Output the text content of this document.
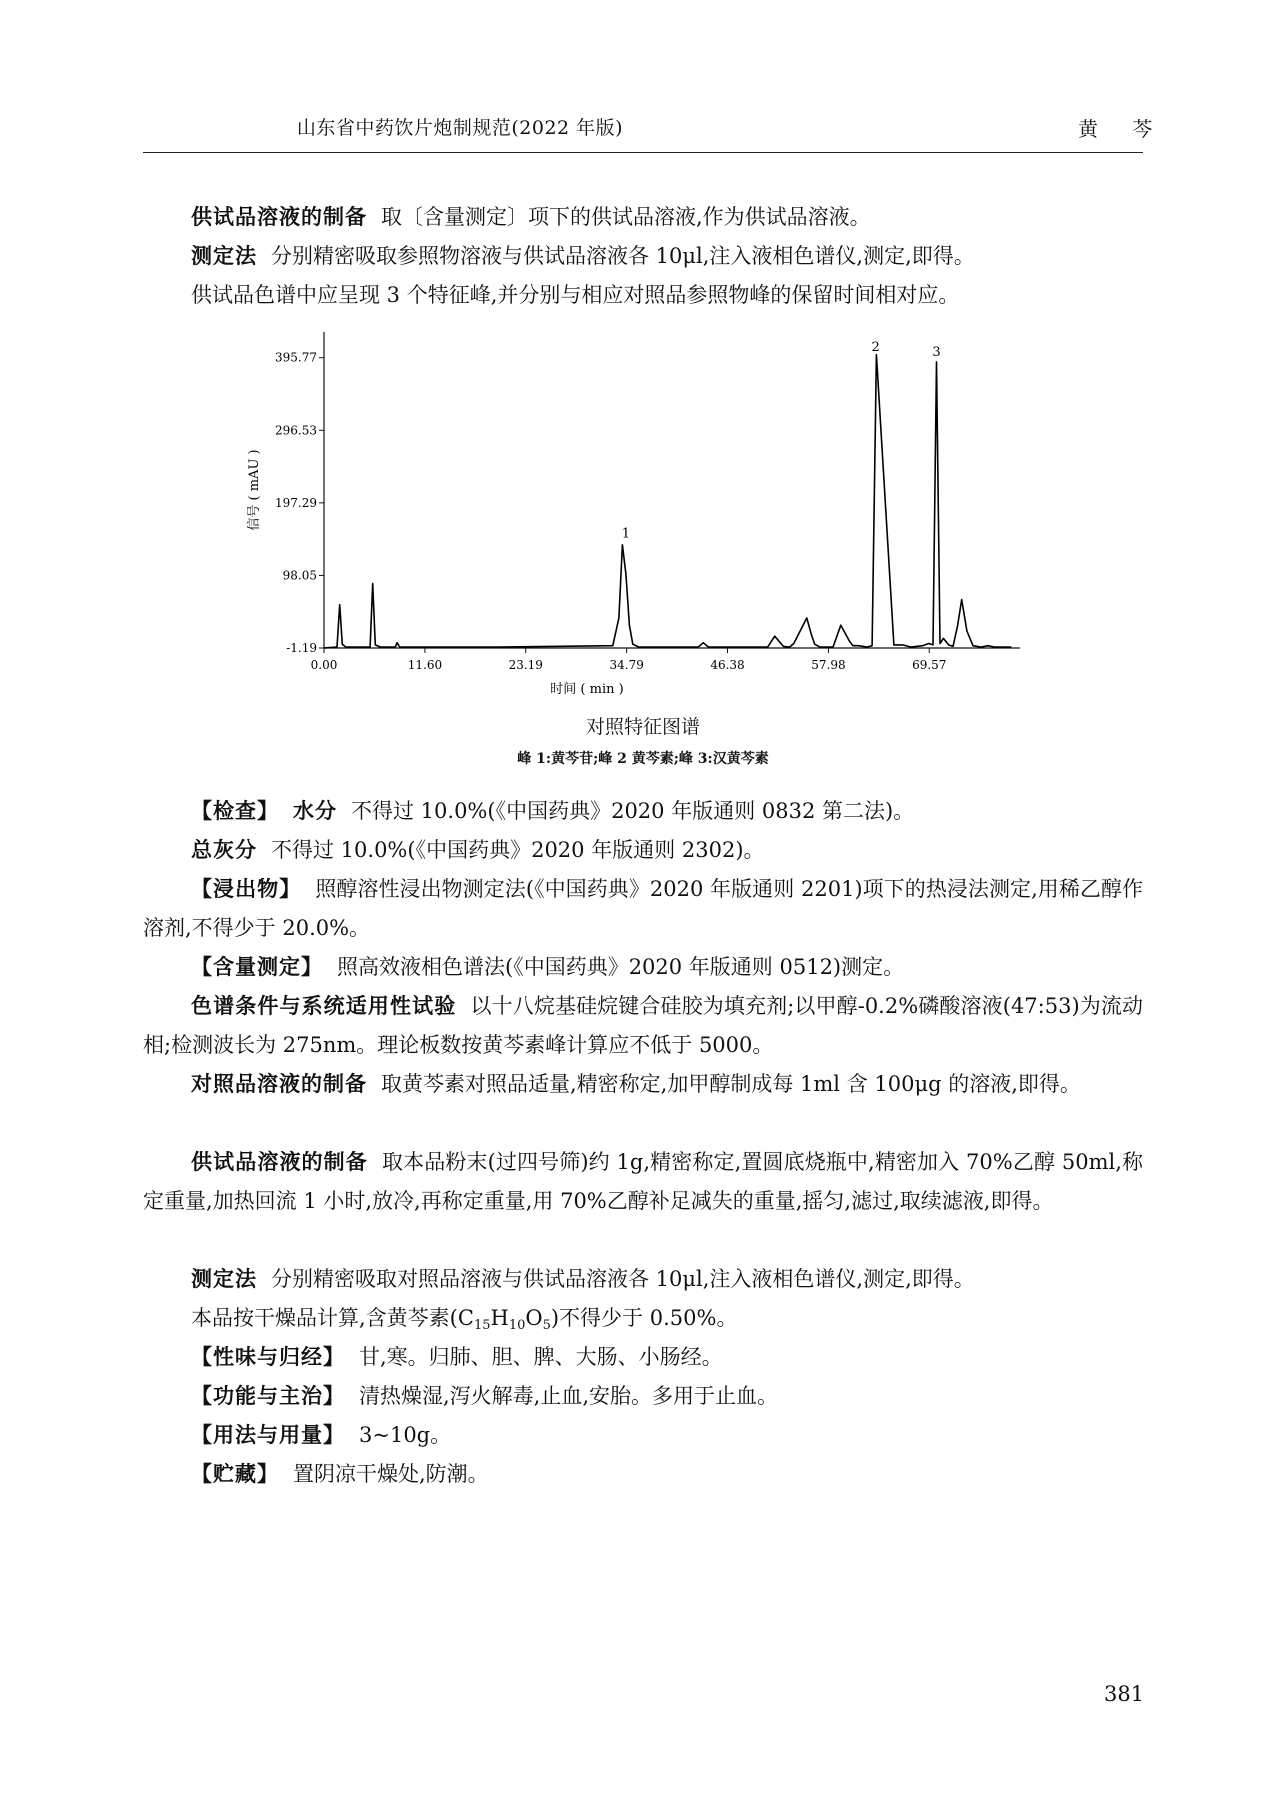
山东省中药饮片炮制规范(2022 年版)	黄 芩
供试品溶液的制备 取〔含量测定〕项下的供试品溶液,作为供试品溶液。
测定法 分别精密吸取参照物溶液与供试品溶液各 10μl,注入液相色谱仪,测定,即得。
供试品色谱中应呈现 3 个特征峰,并分别与相应对照品参照物峰的保留时间相对应。
-1.19
98.05
197.29
296.53
395.77
0.00	11.60	23.19	34.79	46.38	57.98	69.57
时间 ( min )
信号 ( mAU )
1
2	3
对照特征图谱
峰 1:黄芩苷;峰 2 黄芩素;峰 3:汉黄芩素
【检查】 水分 不得过 10.0%(《中国药典》2020 年版通则 0832 第二法)。
总灰分 不得过 10.0%(《中国药典》2020 年版通则 2302)。
【浸出物】 照醇溶性浸出物测定法(《中国药典》2020 年版通则 2201)项下的热浸法测定,用稀乙醇作溶剂,不得少于 20.0%。
【含量测定】 照高效液相色谱法(《中国药典》2020 年版通则 0512)测定。
色谱条件与系统适用性试验 以十八烷基硅烷键合硅胶为填充剂;以甲醇-0.2%磷酸溶液(47:53)为流动相;检测波长为 275nm。理论板数按黄芩素峰计算应不低于 5000。
对照品溶液的制备 取黄芩素对照品适量,精密称定,加甲醇制成每 1ml 含 100μg 的溶液,即得。
供试品溶液的制备 取本品粉末(过四号筛)约 1g,精密称定,置圆底烧瓶中,精密加入 70%乙醇 50ml,称定重量,加热回流 1 小时,放冷,再称定重量,用 70%乙醇补足减失的重量,摇匀,滤过,取续滤液,即得。
测定法 分别精密吸取对照品溶液与供试品溶液各 10μl,注入液相色谱仪,测定,即得。
本品按干燥品计算,含黄芩素$(C_{15}H_{10}O_5)$不得少于 0.50%。
【性味与归经】 甘,寒。归肺、胆、脾、大肠、小肠经。
【功能与主治】 清热燥湿,泻火解毒,止血,安胎。多用于止血。
【用法与用量】 3~10g。
【贮藏】 置阴凉干燥处,防潮。
381
